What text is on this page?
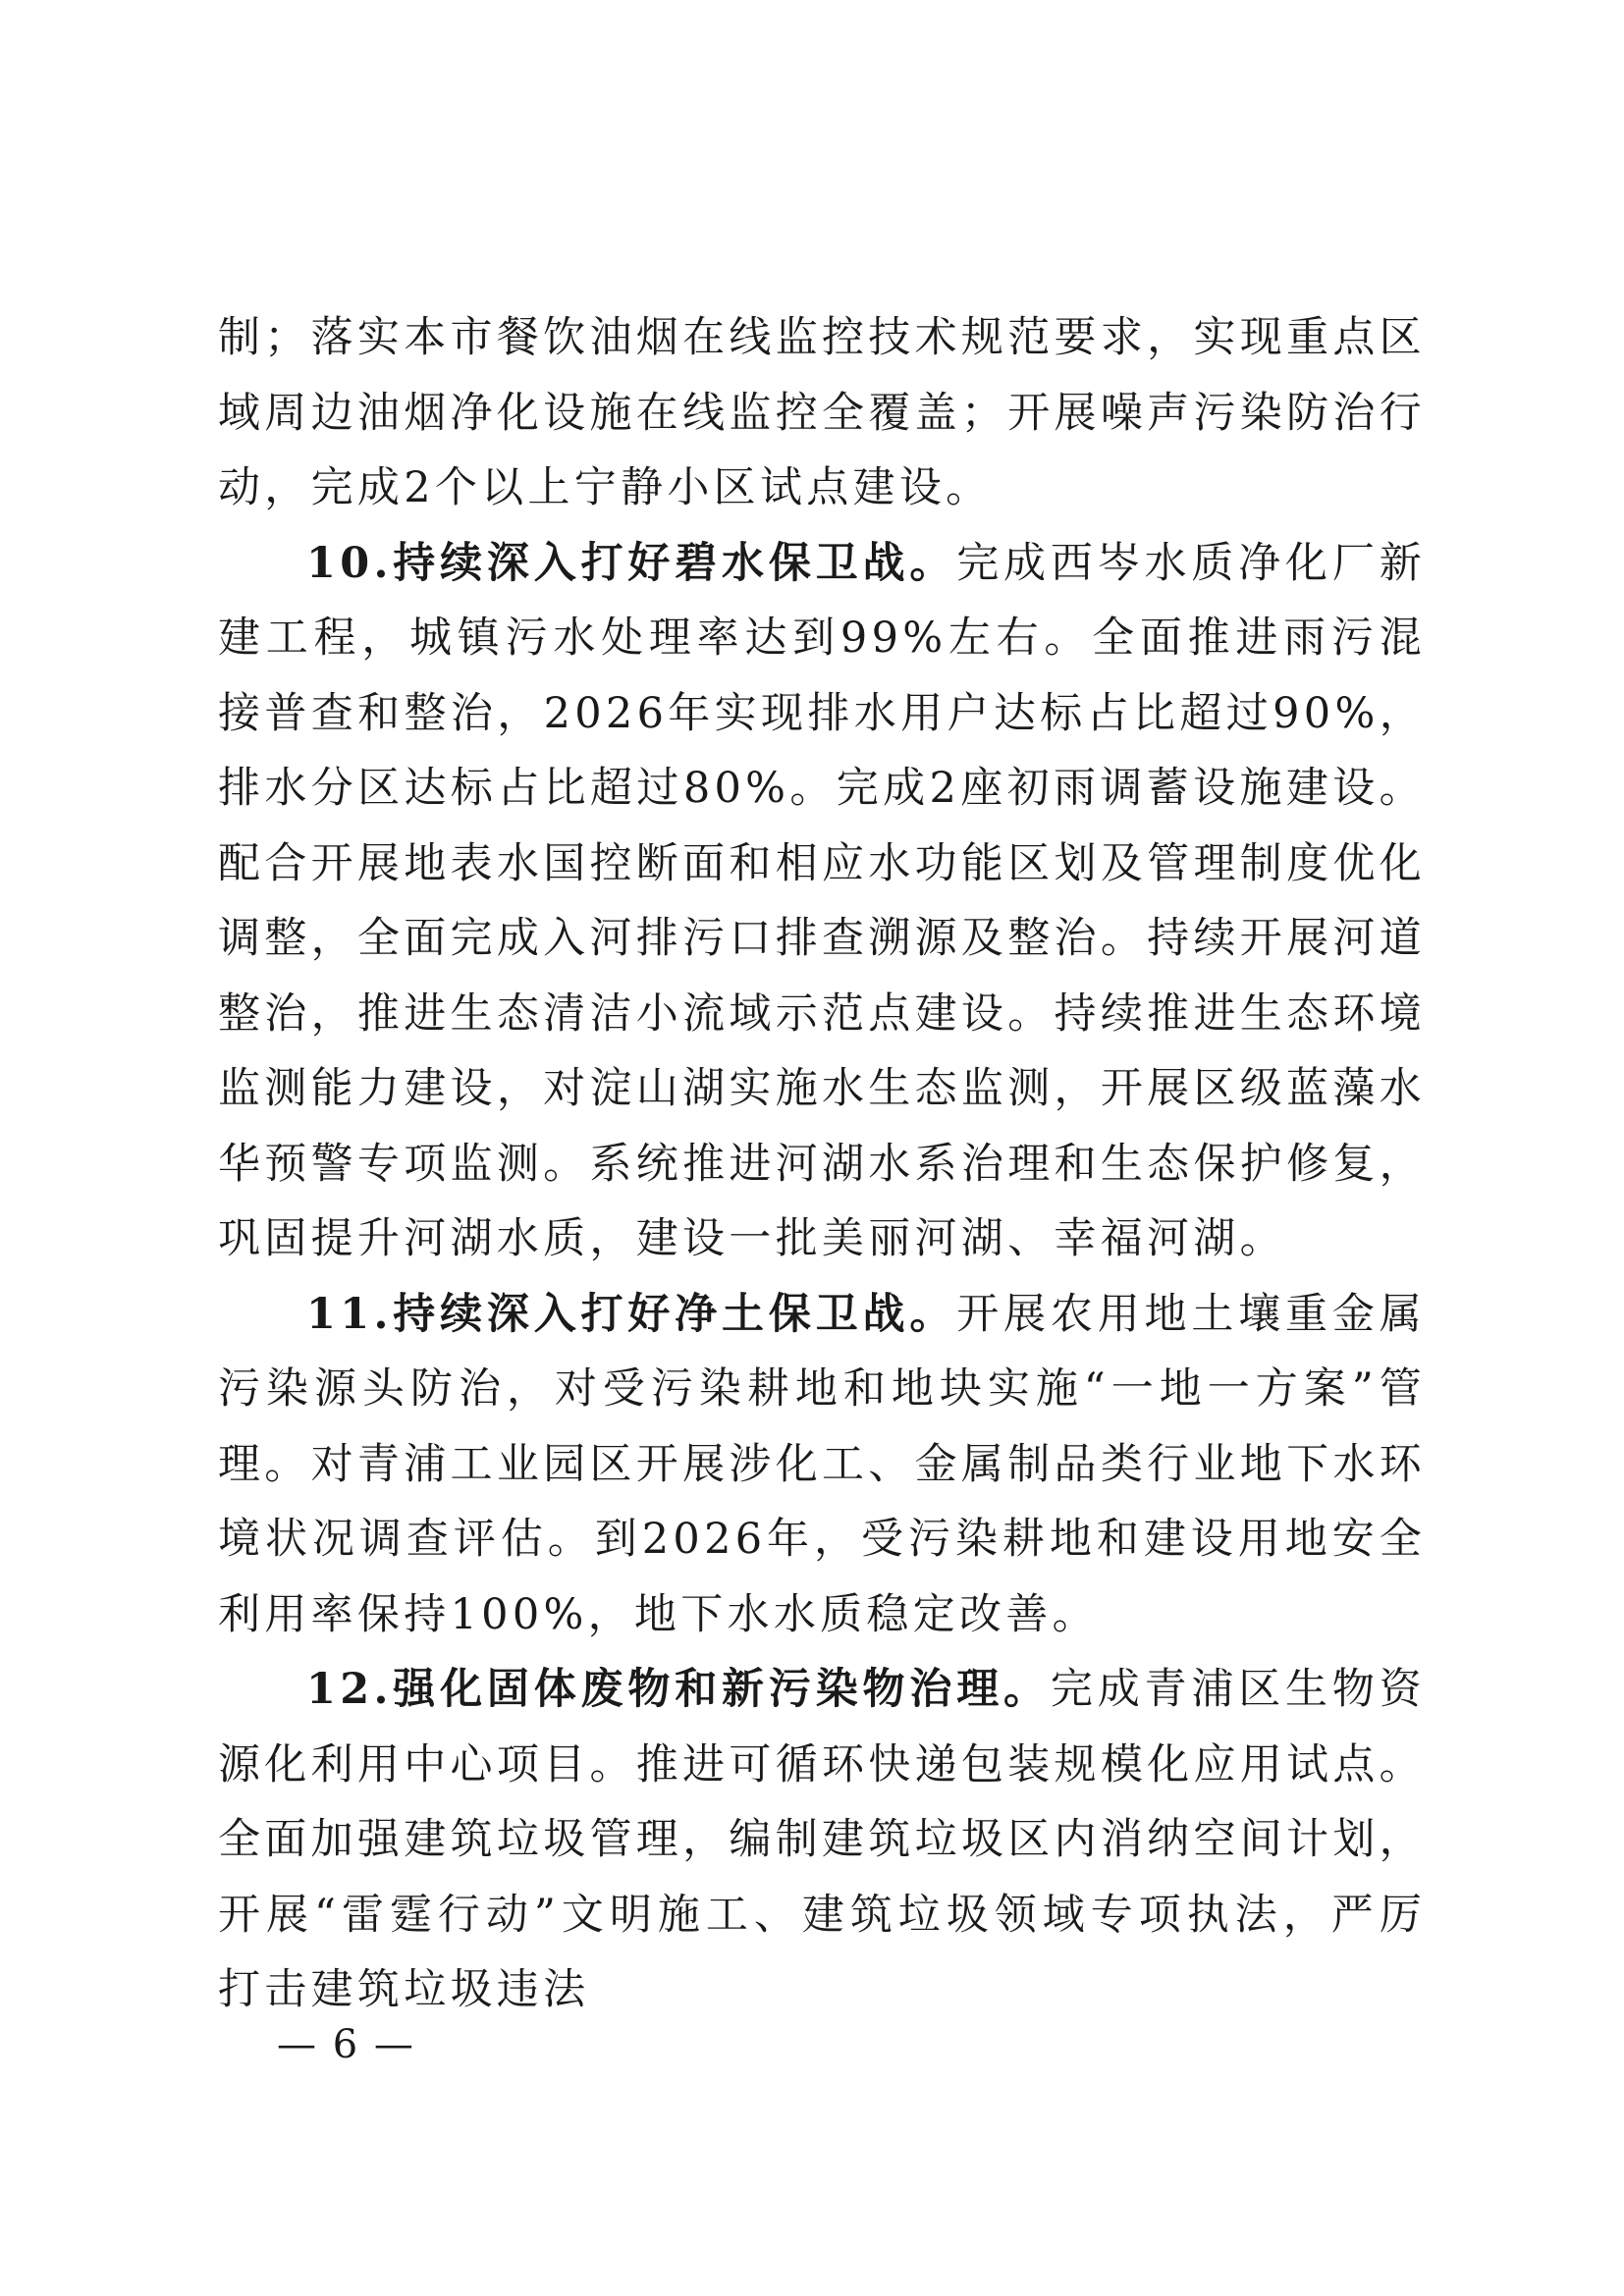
制；落实本市餐饮油烟在线监控技术规范要求，实现重点区域周边油烟净化设施在线监控全覆盖；开展噪声污染防治行动，完成2个以上宁静小区试点建设。

10.持续深入打好碧水保卫战。完成西岑水质净化厂新建工程，城镇污水处理率达到99%左右。全面推进雨污混接普查和整治，2026年实现排水用户达标占比超过90%，排水分区达标占比超过80%。完成2座初雨调蓄设施建设。配合开展地表水国控断面和相应水功能区划及管理制度优化调整，全面完成入河排污口排查溯源及整治。持续开展河道整治，推进生态清洁小流域示范点建设。持续推进生态环境监测能力建设，对淀山湖实施水生态监测，开展区级蓝藻水华预警专项监测。系统推进河湖水系治理和生态保护修复，巩固提升河湖水质，建设一批美丽河湖、幸福河湖。

11.持续深入打好净土保卫战。开展农用地土壤重金属污染源头防治，对受污染耕地和地块实施“一地一方案”管理。对青浦工业园区开展涉化工、金属制品类行业地下水环境状况调查评估。到2026年，受污染耕地和建设用地安全利用率保持100%，地下水水质稳定改善。

12.强化固体废物和新污染物治理。完成青浦区生物资源化利用中心项目。推进可循环快递包装规模化应用试点。全面加强建筑垃圾管理，编制建筑垃圾区内消纳空间计划，开展“雷霆行动”文明施工、建筑垃圾领域专项执法，严厉打击建筑垃圾违法

— 6 —
